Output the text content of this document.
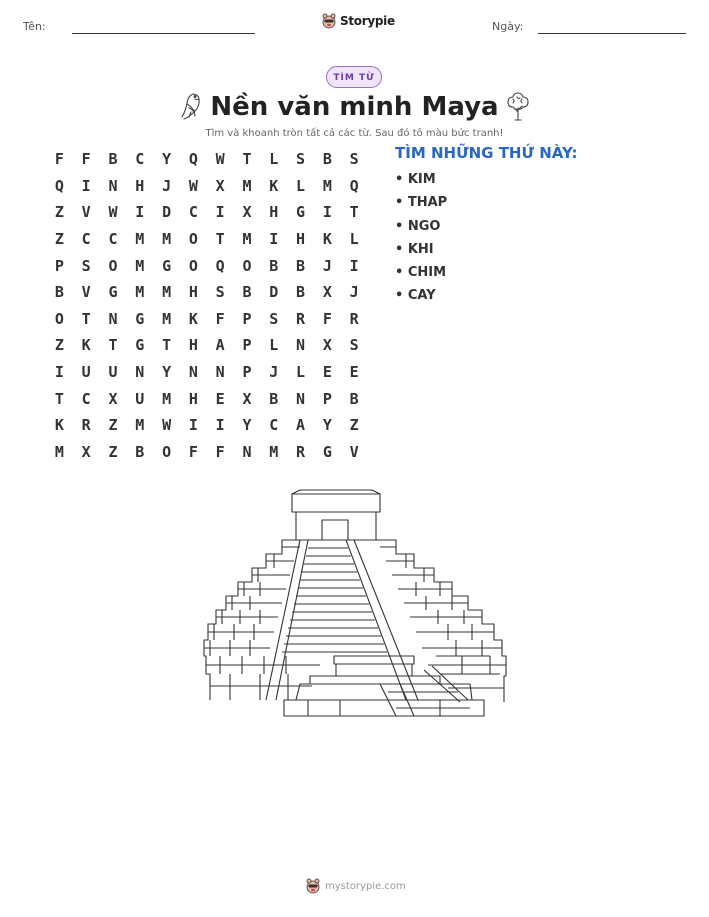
Tên:	Storypie	Ngày:
TÌM TỪ
Nền văn minh Maya
Tìm và khoanh tròn tất cả các từ. Sau đó tô màu bức tranh!
F	F	B	C	Y	Q	W	T	L	S	B	S
Q	I	N	H	J	W	X	M	K	L	M	Q
Z	V	W	I	D	C	I	X	H	G	I	T
Z	C	C	M	M	O	T	M	I	H	K	L
P	S	O	M	G	O	Q	O	B	B	J	I
B	V	G	M	M	H	S	B	D	B	X	J
O	T	N	G	M	K	F	P	S	R	F	R
Z	K	T	G	T	H	A	P	L	N	X	S
I	U	U	N	Y	N	N	P	J	L	E	E
T	C	X	U	M	H	E	X	B	N	P	B
K	R	Z	M	W	I	I	Y	C	A	Y	Z
M	X	Z	B	O	F	F	N	M	R	G	V
TÌM NHỮNG THỨ NÀY:
• KIM
• THAP
• NGO
• KHI
• CHIM
• CAY
mystorypie.com
